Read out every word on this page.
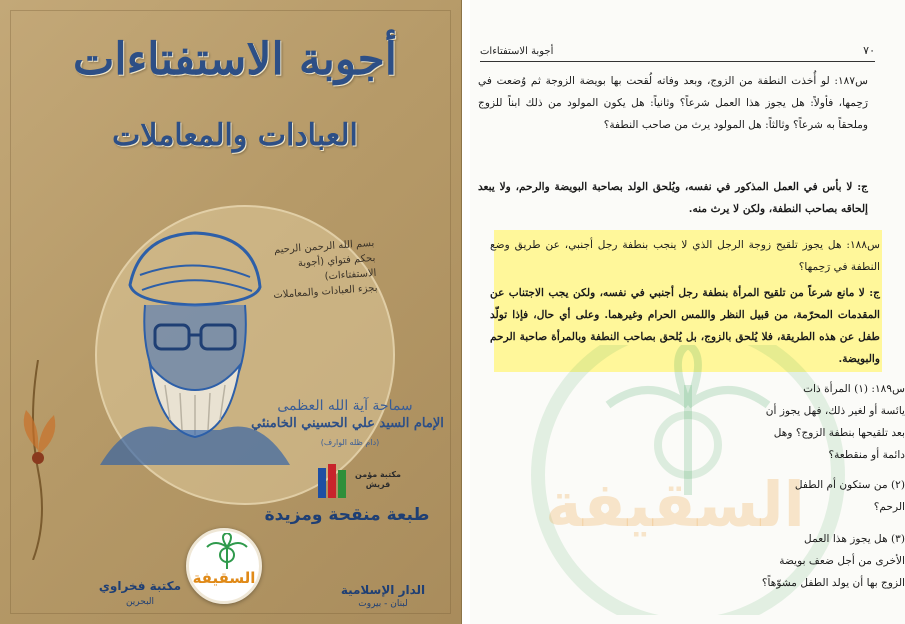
أجوبة الاستفتاءات
العبادات والمعاملات
بسم الله الرحمن الرحيم
بحكم فتواي (أجوبة الاستفتاءات)
بجزء العبادات والمعاملات
سماحة آية الله العظمى
الإمام السيد علي الحسيني الخامنئي
(دام ظله الوارف)
مكتبة مؤمن قريش
طبعة منقحة ومزيدة
مكتبة فخراوي
البحرين
الدار الإسلامية
لبنان - بيروت
السقيفة
٧٠
أجوبة الاستفتاءات
س١٨٧: لو أُخذت النطفة من الزوج، وبعد وفاته لُقحت بها بويضة الزوجة ثم وُضعت في رَحِمها، فأولاً: هل يجوز هذا العمل شرعاً؟ وثانياً: هل يكون المولود من ذلك ابناً للزوج وملحقاً به شرعاً؟ وثالثاً: هل المولود يرث من صاحب النطفة؟
ج: لا بأس في العمل المذكور في نفسه، ويُلحق الولد بصاحبة البويضة والرحم، ولا يبعد إلحاقه بصاحب النطفة، ولكن لا يرث منه.
س١٨٨: هل يجوز تلقيح زوجة الرجل الذي لا ينجب بنطفة رجل أجنبي، عن طريق وضع النطفة في رَحِمها؟
ج: لا مانع شرعاً من تلقيح المرأة بنطفة رجل أجنبي في نفسه، ولكن يجب الاجتناب عن المقدمات المحرّمة، من قبيل النظر واللمس الحرام وغيرهما. وعلى أي حال، فإذا تولّد طفل عن هذه الطريقة، فلا يُلحق بالزوج، بل يُلحق بصاحب النطفة وبالمرأة صاحبة الرحم والبويضة.
السقيفة
س١٨٩: (١) المرأة ذات
يائسة أو لغير ذلك، فهل يجوز أن
بعد تلقيحها بنطفة الزوج؟ وهل
دائمة أو منقطعة؟
(٢) من ستكون أم الطفل
الرحم؟
(٣) هل يجوز هذا العمل
الأخرى من أجل ضعف بويضة
الزوج بها أن يولد الطفل مشوّهاً؟
